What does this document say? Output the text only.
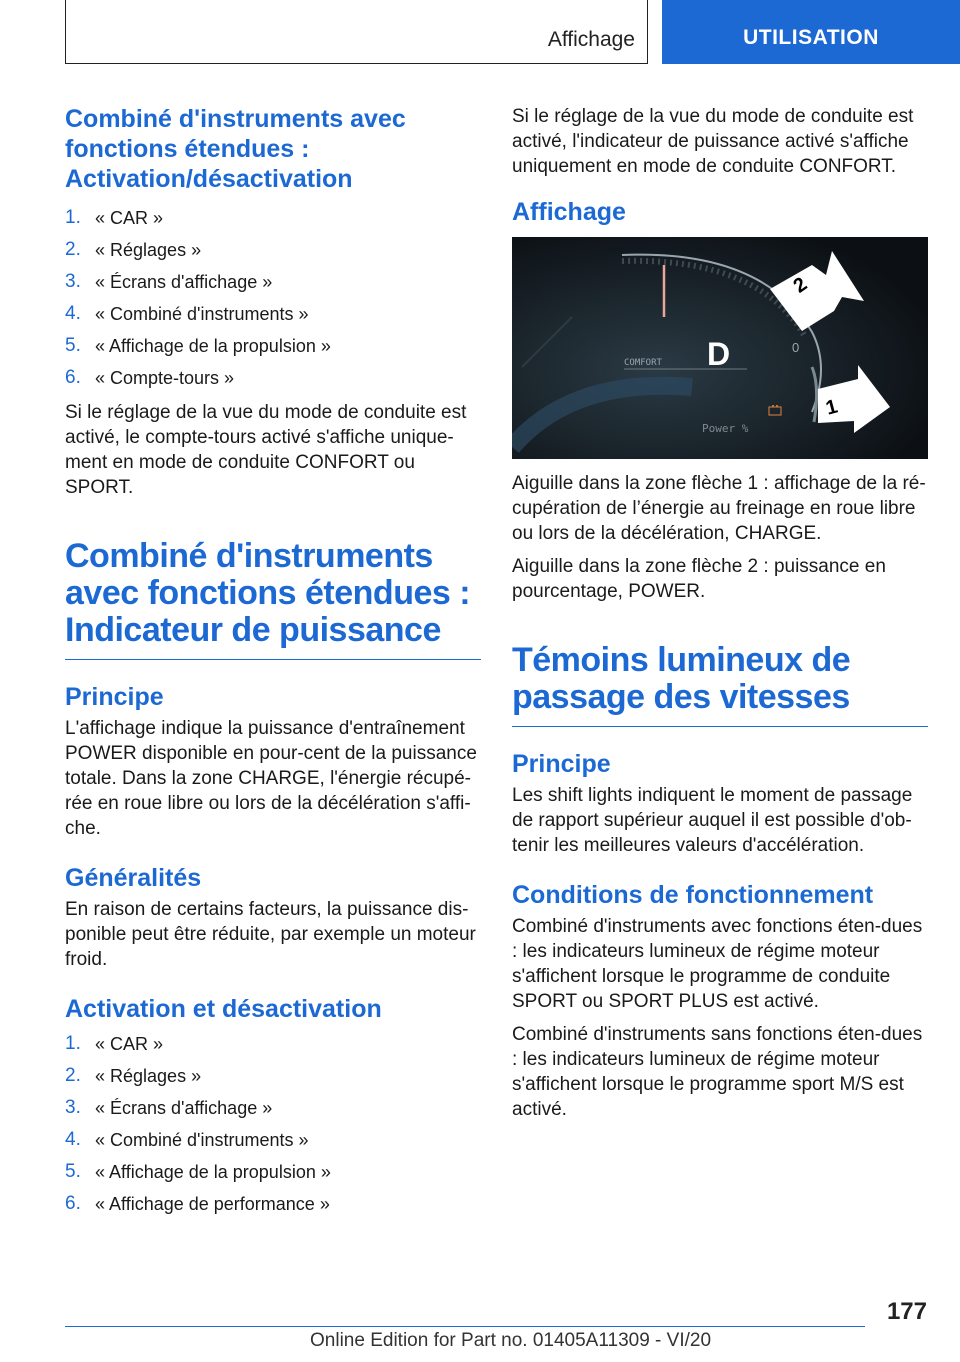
Affichage	UTILISATION
Combiné d'instruments avec fonctions étendues : Activation/désactivation
1. « CAR »
2. « Réglages »
3. « Écrans d'affichage »
4. « Combiné d'instruments »
5. « Affichage de la propulsion »
6. « Compte-tours »

Si le réglage de la vue du mode de conduite est activé, le compte-tours activé s'affiche unique-ment en mode de conduite CONFORT ou SPORT.

Combiné d'instruments avec fonctions étendues : Indicateur de puissance
Principe

L'affichage indique la puissance d'entraînement POWER disponible en pour-cent de la puissance totale. Dans la zone CHARGE, l'énergie récupé-rée en roue libre ou lors de la décélération s'affi-che.

Généralités

En raison de certains facteurs, la puissance dis-ponible peut être réduite, par exemple un moteur froid.

Activation et désactivation
1. « CAR »
2. « Réglages »
3. « Écrans d'affichage »
4. « Combiné d'instruments »
5. « Affichage de la propulsion »
6. « Affichage de performance »

Si le réglage de la vue du mode de conduite est activé, l'indicateur de puissance activé s'affiche uniquement en mode de conduite CONFORT.

Affichage
COMFORT D	0
Power %
2
1

Aiguille dans la zone flèche 1 : affichage de la ré-cupération de l’énergie au freinage en roue libre ou lors de la décélération, CHARGE.

Aiguille dans la zone flèche 2 : puissance en pourcentage, POWER.

Témoins lumineux de passage des vitesses
Principe

Les shift lights indiquent le moment de passage de rapport supérieur auquel il est possible d'ob-tenir les meilleures valeurs d'accélération.

Conditions de fonctionnement

Combiné d'instruments avec fonctions éten-dues : les indicateurs lumineux de régime moteur s'affichent lorsque le programme de conduite SPORT ou SPORT PLUS est activé.

Combiné d'instruments sans fonctions éten-dues : les indicateurs lumineux de régime moteur s'affichent lorsque le programme sport M/S est activé.

177
Online Edition for Part no. 01405A11309 - VI/20
